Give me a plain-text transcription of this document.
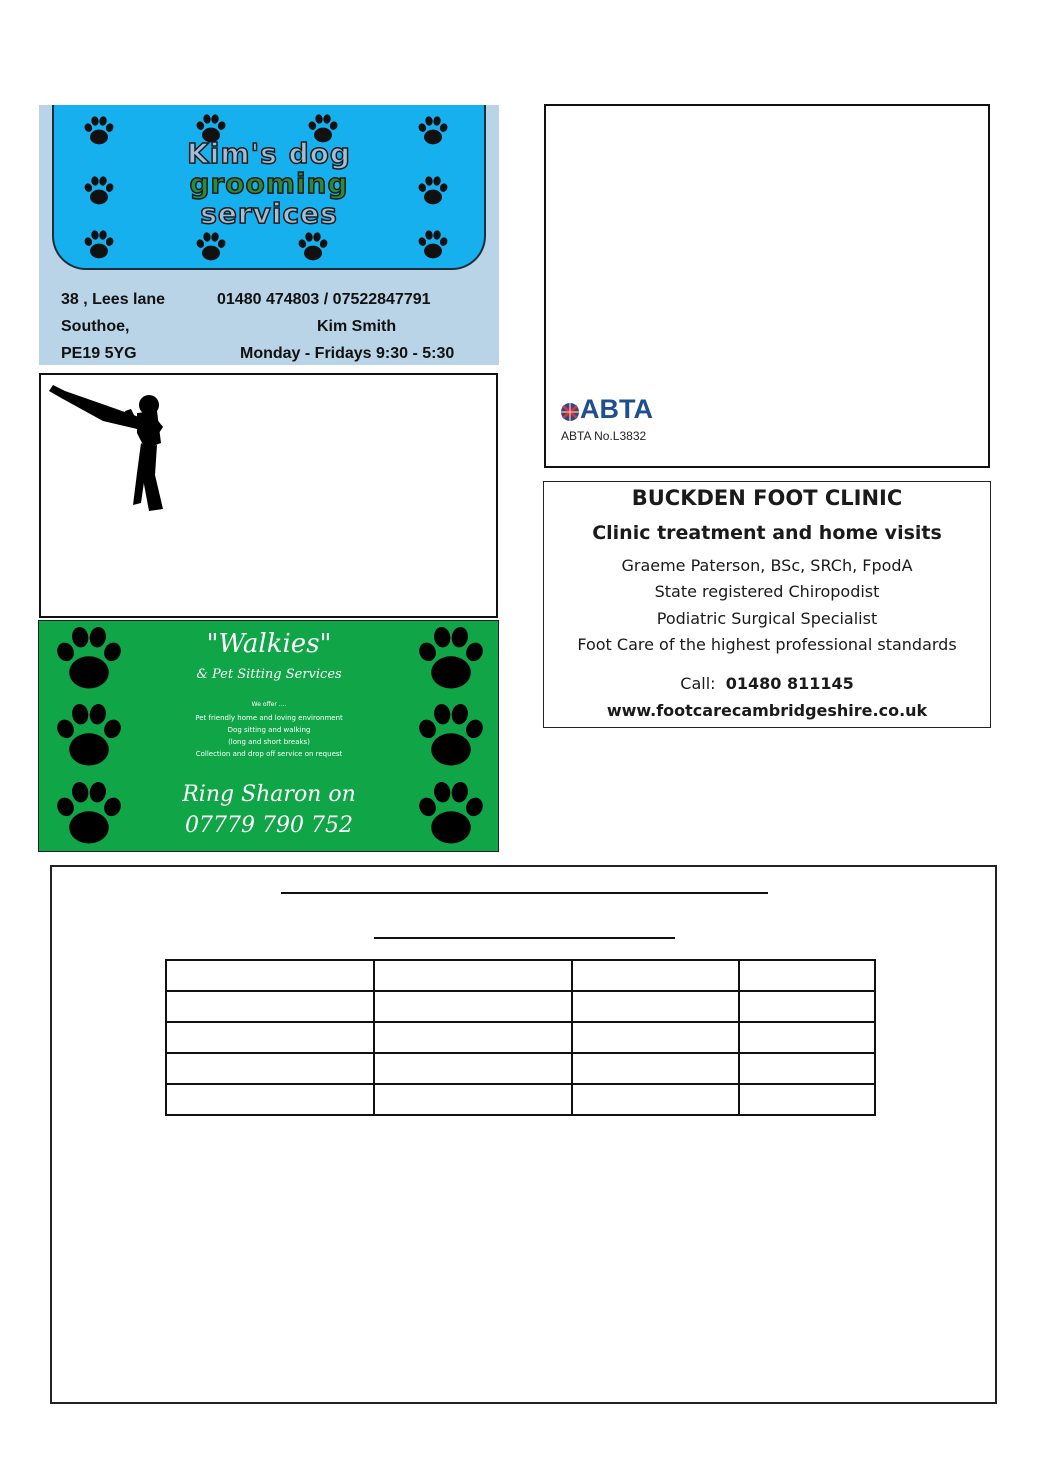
Kim's dog
grooming
services
38 , Lees lane
Southoe,
PE19 5YG
01480 474803 / 07522847791
Kim Smith
Monday - Fridays 9:30 - 5:30
ABTA
ABTA No.L3832
BUCKDEN FOOT CLINIC
Clinic treatment and home visits
Graeme Paterson, BSc, SRCh, FpodA
State registered Chiropodist
Podiatric Surgical Specialist
Foot Care of the highest professional standards
Call: 01480 811145
www.footcarecambridgeshire.co.uk
"Walkies"
& Pet Sitting Services
We offer ....
Pet friendly home and loving environment
Dog sitting and walking
(long and short breaks)
Collection and drop off service on request
Ring Sharon on
07779 790 752
